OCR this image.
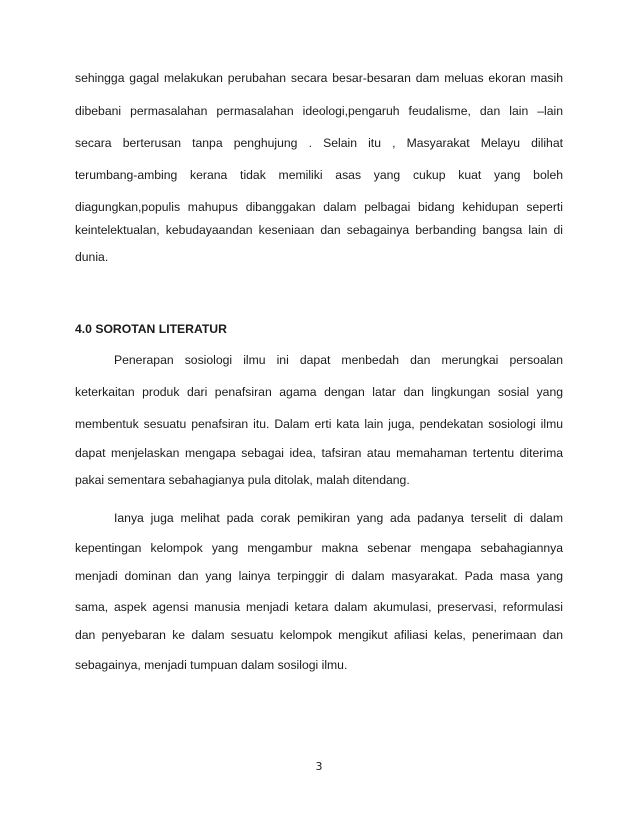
sehingga gagal melakukan perubahan secara besar-besaran dam meluas ekoran masih
dibebani permasalahan permasalahan ideologi,pengaruh feudalisme, dan lain –lain
secara berterusan tanpa penghujung . Selain itu , Masyarakat Melayu dilihat
terumbang-ambing kerana tidak memiliki asas yang cukup kuat yang boleh
diagungkan,populis mahupus dibanggakan dalam pelbagai bidang kehidupan seperti
keintelektualan, kebudayaandan keseniaan dan sebagainya berbanding bangsa lain di
dunia.
4.0 SOROTAN LITERATUR
Penerapan sosiologi ilmu ini dapat menbedah dan merungkai persoalan
keterkaitan produk dari penafsiran agama dengan latar dan lingkungan sosial yang
membentuk sesuatu penafsiran itu. Dalam erti kata lain juga, pendekatan sosiologi ilmu
dapat menjelaskan mengapa sebagai idea, tafsiran atau memahaman tertentu diterima
pakai sementara sebahagianya pula ditolak, malah ditendang.
Ianya juga melihat pada corak pemikiran yang ada padanya terselit di dalam
kepentingan kelompok yang mengambur makna sebenar mengapa sebahagiannya
menjadi dominan dan yang lainya terpinggir di dalam masyarakat. Pada masa yang
sama, aspek agensi manusia menjadi ketara dalam akumulasi, preservasi, reformulasi
dan penyebaran ke dalam sesuatu kelompok mengikut afiliasi kelas, penerimaan dan
sebagainya, menjadi tumpuan dalam sosilogi ilmu.
3
